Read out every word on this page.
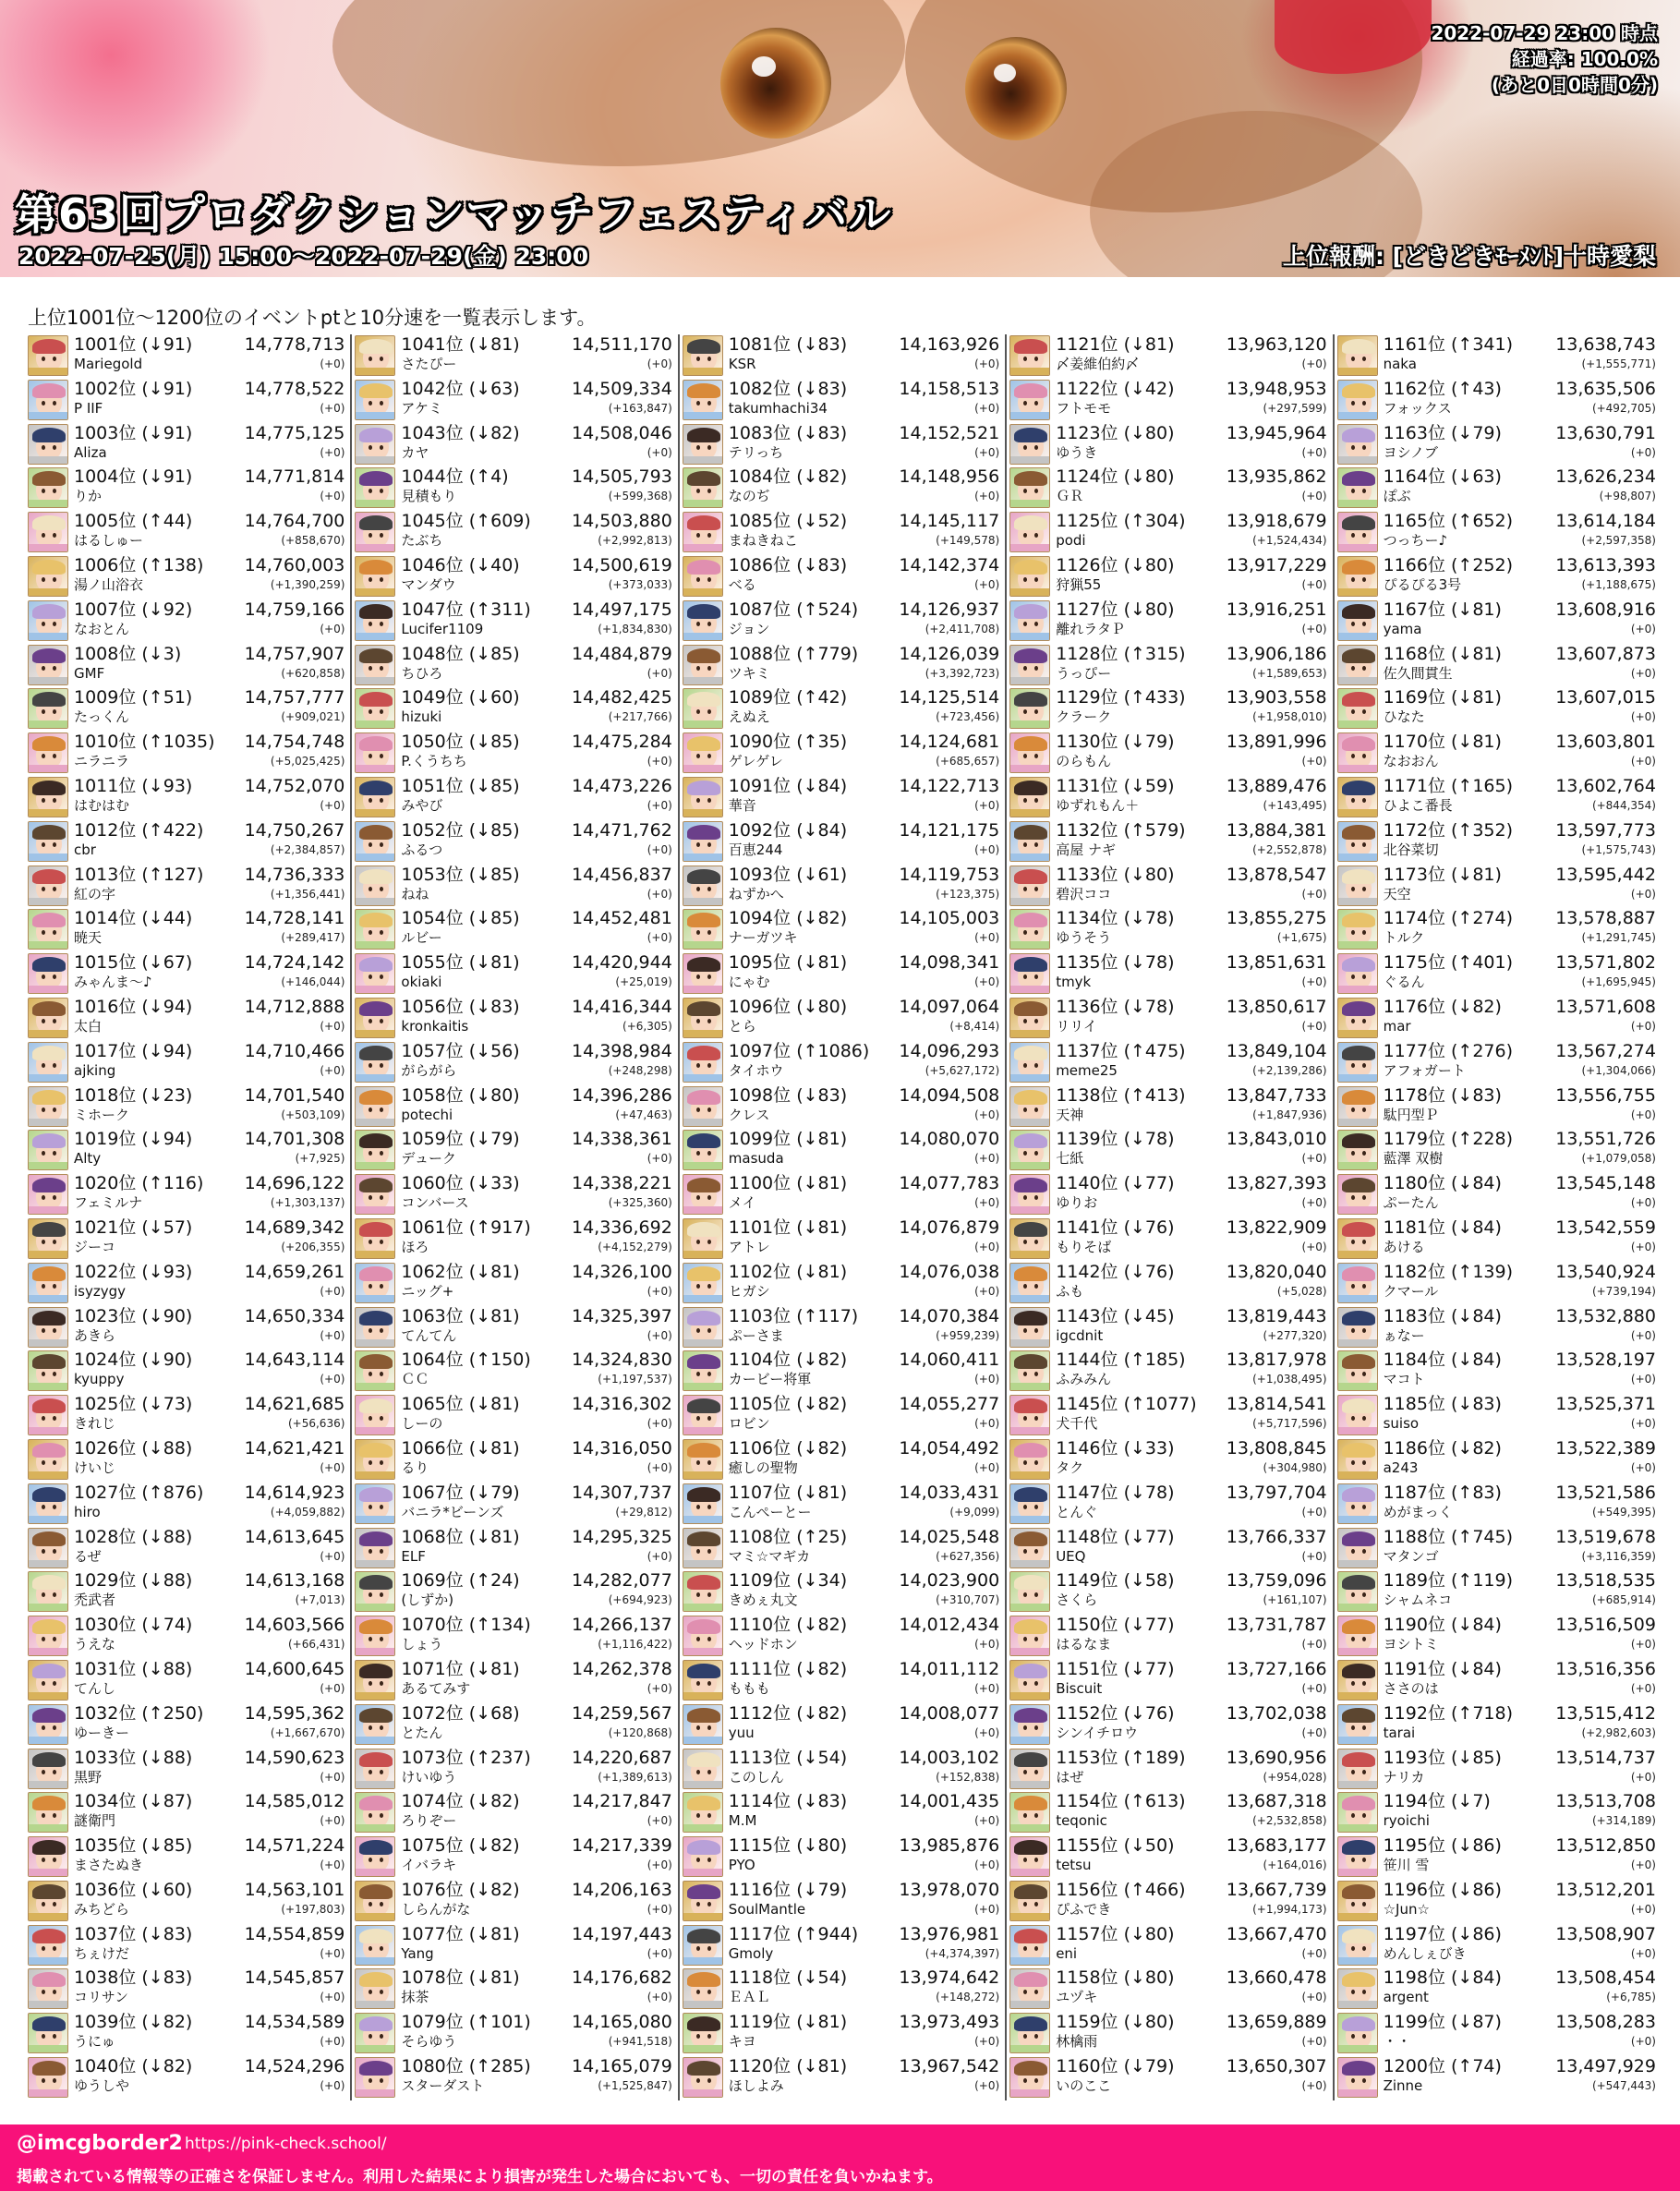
2022-07-29 23:00 時点
経過率: 100.0%
(あと0日0時間0分)
第63回プロダクションマッチフェスティバル
2022-07-25(月) 15:00～2022-07-29(金) 23:00	上位報酬: [どきどきﾓｰﾒﾝﾄ]十時愛梨
上位1001位～1200位のイベントptと10分速を一覧表示します。
1001位 (↓91)	14,778,713
Mariegold	(+0)
1002位 (↓91)	14,778,522
P IIF	(+0)
1003位 (↓91)	14,775,125
Aliza	(+0)
1004位 (↓91)	14,771,814
りか	(+0)
1005位 (↑44)	14,764,700
はるしゅー	(+858,670)
1006位 (↑138) 14,760,003
湯ノ山浴衣	(+1,390,259)
1007位 (↓92)	14,759,166
なおとん	(+0)
1008位 (↓3)	14,757,907
GMF	(+620,858)
1009位 (↑51)	14,757,777
たっくん	(+909,021)
1010位 (↑1035) 14,754,748
ニラニラ	(+5,025,425)
1011位 (↓93)	14,752,070
はむはむ	(+0)
1012位 (↑422) 14,750,267
cbr	(+2,384,857)
1013位 (↑127) 14,736,333
紅の字	(+1,356,441)
1014位 (↓44)	14,728,141
暁天	(+289,417)
1015位 (↓67)	14,724,142
みゃんま～♪	(+146,044)
1016位 (↓94)	14,712,888
太白	(+0)
1017位 (↓94)	14,710,466
ajking	(+0)
1018位 (↓23)	14,701,540
ミホーク	(+503,109)
1019位 (↓94)	14,701,308
Alty	(+7,925)
1020位 (↑116) 14,696,122
フェミルナ	(+1,303,137)
1021位 (↓57)	14,689,342
ジーコ	(+206,355)
1022位 (↓93)	14,659,261
isyzygy	(+0)
1023位 (↓90)	14,650,334
あきら	(+0)
1024位 (↓90)	14,643,114
kyuppy	(+0)
1025位 (↓73)	14,621,685
きれじ	(+56,636)
1026位 (↓88)	14,621,421
けいじ	(+0)
1027位 (↑876) 14,614,923
hiro	(+4,059,882)
1028位 (↓88)	14,613,645
るぜ	(+0)
1029位 (↓88)	14,613,168
禿武者	(+7,013)
1030位 (↓74)	14,603,566
うえな	(+66,431)
1031位 (↓88)	14,600,645
てんし	(+0)
1032位 (↑250) 14,595,362
ゆーきー	(+1,667,670)
1033位 (↓88)	14,590,623
黒野	(+0)
1034位 (↓87)	14,585,012
謎衛門	(+0)
1035位 (↓85)	14,571,224
まさたぬき	(+0)
1036位 (↓60)	14,563,101
みちどら	(+197,803)
1037位 (↓83)	14,554,859
ちぇけだ	(+0)
1038位 (↓83)	14,545,857
コリサン	(+0)
1039位 (↓82)	14,534,589
うにゅ	(+0)
1040位 (↓82)	14,524,296
ゆうしや	(+0)
1041位 (↓81)	14,511,170
さたぴー	(+0)
1042位 (↓63)	14,509,334
アケミ	(+163,847)
1043位 (↓82)	14,508,046
カヤ	(+0)
1044位 (↑4)	14,505,793
見積もり	(+599,368)
1045位 (↑609) 14,503,880
たぶち	(+2,992,813)
1046位 (↓40)	14,500,619
マンダウ	(+373,033)
1047位 (↑311) 14,497,175
Lucifer1109	(+1,834,830)
1048位 (↓85)	14,484,879
ちひろ	(+0)
1049位 (↓60)	14,482,425
hizuki	(+217,766)
1050位 (↓85)	14,475,284
P.くうちち	(+0)
1051位 (↓85)	14,473,226
みやび	(+0)
1052位 (↓85)	14,471,762
ふるつ	(+0)
1053位 (↓85)	14,456,837
ねね	(+0)
1054位 (↓85)	14,452,481
ルビー	(+0)
1055位 (↓81)	14,420,944
okiaki	(+25,019)
1056位 (↓83)	14,416,344
kronkaitis	(+6,305)
1057位 (↓56)	14,398,984
がらがら	(+248,298)
1058位 (↓80)	14,396,286
potechi	(+47,463)
1059位 (↓79)	14,338,361
デューク	(+0)
1060位 (↓33)	14,338,221
コンバース	(+325,360)
1061位 (↑917) 14,336,692
ほろ	(+4,152,279)
1062位 (↓81)	14,326,100
ニッグ+	(+0)
1063位 (↓81)	14,325,397
てんてん	(+0)
1064位 (↑150) 14,324,830
ＣＣ	(+1,197,537)
1065位 (↓81)	14,316,302
しーの	(+0)
1066位 (↓81)	14,316,050
るり	(+0)
1067位 (↓79)	14,307,737
バニラ*ビーンズ	(+29,812)
1068位 (↓81)	14,295,325
ELF	(+0)
1069位 (↑24)	14,282,077
(しずか)	(+694,923)
1070位 (↑134) 14,266,137
しょう	(+1,116,422)
1071位 (↓81)	14,262,378
あるてみす	(+0)
1072位 (↓68)	14,259,567
とたん	(+120,868)
1073位 (↑237) 14,220,687
けいゆう	(+1,389,613)
1074位 (↓82)	14,217,847
ろりぞー	(+0)
1075位 (↓82)	14,217,339
イバラキ	(+0)
1076位 (↓82)	14,206,163
しらんがな	(+0)
1077位 (↓81)	14,197,443
Yang	(+0)
1078位 (↓81)	14,176,682
抹茶	(+0)
1079位 (↑101) 14,165,080
そらゆう	(+941,518)
1080位 (↑285) 14,165,079
スターダスト	(+1,525,847)
1081位 (↓83)	14,163,926
KSR	(+0)
1082位 (↓83)	14,158,513
takumhachi34	(+0)
1083位 (↓83)	14,152,521
テリっち	(+0)
1084位 (↓82)	14,148,956
なのぢ	(+0)
1085位 (↓52)	14,145,117
まねきねこ	(+149,578)
1086位 (↓83)	14,142,374
べる	(+0)
1087位 (↑524) 14,126,937
ジョン	(+2,411,708)
1088位 (↑779) 14,126,039
ツキミ	(+3,392,723)
1089位 (↑42)	14,125,514
えぬえ	(+723,456)
1090位 (↑35)	14,124,681
ゲレゲレ	(+685,657)
1091位 (↓84)	14,122,713
華音	(+0)
1092位 (↓84)	14,121,175
百恵244	(+0)
1093位 (↓61)	14,119,753
ねずかへ	(+123,375)
1094位 (↓82)	14,105,003
ナーガツキ	(+0)
1095位 (↓81)	14,098,341
にゃむ	(+0)
1096位 (↓80)	14,097,064
とら	(+8,414)
1097位 (↑1086) 14,096,293
タイホウ	(+5,627,172)
1098位 (↓83)	14,094,508
クレス	(+0)
1099位 (↓81)	14,080,070
masuda	(+0)
1100位 (↓81)	14,077,783
メイ	(+0)
1101位 (↓81)	14,076,879
アトレ	(+0)
1102位 (↓81)	14,076,038
ヒガシ	(+0)
1103位 (↑117) 14,070,384
ぷーさま	(+959,239)
1104位 (↓82)	14,060,411
カービー将軍	(+0)
1105位 (↓82)	14,055,277
ロビン	(+0)
1106位 (↓82)	14,054,492
癒しの聖物	(+0)
1107位 (↓81)	14,033,431
こんぺーとー	(+9,099)
1108位 (↑25)	14,025,548
マミ☆マギカ	(+627,356)
1109位 (↓34)	14,023,900
きめぇ丸文	(+310,707)
1110位 (↓82)	14,012,434
ヘッドホン	(+0)
1111位 (↓82)	14,011,112
ももも	(+0)
1112位 (↓82)	14,008,077
yuu	(+0)
1113位 (↓54)	14,003,102
このしん	(+152,838)
1114位 (↓83)	14,001,435
M.M	(+0)
1115位 (↓80)	13,985,876
PYO	(+0)
1116位 (↓79)	13,978,070
SoulMantle	(+0)
1117位 (↑944) 13,976,981
Gmoly	(+4,374,397)
1118位 (↓54)	13,974,642
ＥＡＬ	(+148,272)
1119位 (↓81)	13,973,493
キヨ	(+0)
1120位 (↓81)	13,967,542
ほしよみ	(+0)
1121位 (↓81)	13,963,120
〆姜維伯約〆	(+0)
1122位 (↓42)	13,948,953
フトモモ	(+297,599)
1123位 (↓80)	13,945,964
ゆうき	(+0)
1124位 (↓80)	13,935,862
ＧＲ	(+0)
1125位 (↑304) 13,918,679
podi	(+1,524,434)
1126位 (↓80)	13,917,229
狩猟55	(+0)
1127位 (↓80)	13,916,251
離れラタＰ	(+0)
1128位 (↑315) 13,906,186
うっぴー	(+1,589,653)
1129位 (↑433) 13,903,558
クラーク	(+1,958,010)
1130位 (↓79)	13,891,996
のらもん	(+0)
1131位 (↓59)	13,889,476
ゆずれもん＋	(+143,495)
1132位 (↑579) 13,884,381
高屋 ナギ	(+2,552,878)
1133位 (↓80)	13,878,547
碧沢ココ	(+0)
1134位 (↓78)	13,855,275
ゆうそう	(+1,675)
1135位 (↓78)	13,851,631
tmyk	(+0)
1136位 (↓78)	13,850,617
リリイ	(+0)
1137位 (↑475) 13,849,104
meme25	(+2,139,286)
1138位 (↑413) 13,847,733
天神	(+1,847,936)
1139位 (↓78)	13,843,010
七紙	(+0)
1140位 (↓77)	13,827,393
ゆりお	(+0)
1141位 (↓76)	13,822,909
もりそば	(+0)
1142位 (↓76)	13,820,040
ふも	(+5,028)
1143位 (↓45)	13,819,443
igcdnit	(+277,320)
1144位 (↑185) 13,817,978
ふみみん	(+1,038,495)
1145位 (↑1077) 13,814,541
犬千代	(+5,717,596)
1146位 (↓33)	13,808,845
タク	(+304,980)
1147位 (↓78)	13,797,704
とんぐ	(+0)
1148位 (↓77)	13,766,337
UEQ	(+0)
1149位 (↓58)	13,759,096
さくら	(+161,107)
1150位 (↓77)	13,731,787
はるなま	(+0)
1151位 (↓77)	13,727,166
Biscuit	(+0)
1152位 (↓76)	13,702,038
シンイチロウ	(+0)
1153位 (↑189) 13,690,956
はぜ	(+954,028)
1154位 (↑613) 13,687,318
teqonic	(+2,532,858)
1155位 (↓50)	13,683,177
tetsu	(+164,016)
1156位 (↑466) 13,667,739
ぴふでき	(+1,994,173)
1157位 (↓80)	13,667,470
eni	(+0)
1158位 (↓80)	13,660,478
ユヅキ	(+0)
1159位 (↓80)	13,659,889
林檎雨	(+0)
1160位 (↓79)	13,650,307
いのここ	(+0)
1161位 (↑341) 13,638,743
naka	(+1,555,771)
1162位 (↑43)	13,635,506
フォックス	(+492,705)
1163位 (↓79)	13,630,791
ヨシノブ	(+0)
1164位 (↓63)	13,626,234
ぽぶ	(+98,807)
1165位 (↑652) 13,614,184
つっちー♪	(+2,597,358)
1166位 (↑252) 13,613,393
ぴるぴる3号	(+1,188,675)
1167位 (↓81)	13,608,916
yama	(+0)
1168位 (↓81)	13,607,873
佐久間貫生	(+0)
1169位 (↓81)	13,607,015
ひなた	(+0)
1170位 (↓81)	13,603,801
なおおん	(+0)
1171位 (↑165) 13,602,764
ひよこ番長	(+844,354)
1172位 (↑352) 13,597,773
北谷菜切	(+1,575,743)
1173位 (↓81)	13,595,442
天空	(+0)
1174位 (↑274) 13,578,887
トルク	(+1,291,745)
1175位 (↑401) 13,571,802
ぐるん	(+1,695,945)
1176位 (↓82)	13,571,608
mar	(+0)
1177位 (↑276) 13,567,274
アフォガート	(+1,304,066)
1178位 (↓83)	13,556,755
駄円型Ｐ	(+0)
1179位 (↑228) 13,551,726
藍澤 双樹	(+1,079,058)
1180位 (↓84)	13,545,148
ぷーたん	(+0)
1181位 (↓84)	13,542,559
あける	(+0)
1182位 (↑139) 13,540,924
クマール	(+739,194)
1183位 (↓84)	13,532,880
ぁなー	(+0)
1184位 (↓84)	13,528,197
マコト	(+0)
1185位 (↓83)	13,525,371
suiso	(+0)
1186位 (↓82)	13,522,389
a243	(+0)
1187位 (↑83)	13,521,586
めがまっく	(+549,395)
1188位 (↑745) 13,519,678
マタンゴ	(+3,116,359)
1189位 (↑119) 13,518,535
シャムネコ	(+685,914)
1190位 (↓84)	13,516,509
ヨシトミ	(+0)
1191位 (↓84)	13,516,356
ささのは	(+0)
1192位 (↑718) 13,515,412
tarai	(+2,982,603)
1193位 (↓85)	13,514,737
ナリカ	(+0)
1194位 (↓7)	13,513,708
ryoichi	(+314,189)
1195位 (↓86)	13,512,850
笹川 雪	(+0)
1196位 (↓86)	13,512,201
☆Jun☆	(+0)
1197位 (↓86)	13,508,907
めんしぇびき	(+0)
1198位 (↓84)	13,508,454
argent	(+6,785)
1199位 (↓87)	13,508,283
・・	(+0)
1200位 (↑74)	13,497,929
Zinne	(+547,443)
@imcgborder2 https://pink-check.school/
掲載されている情報等の正確さを保証しません。利用した結果により損害が発生した場合においても、一切の責任を負いかねます。
